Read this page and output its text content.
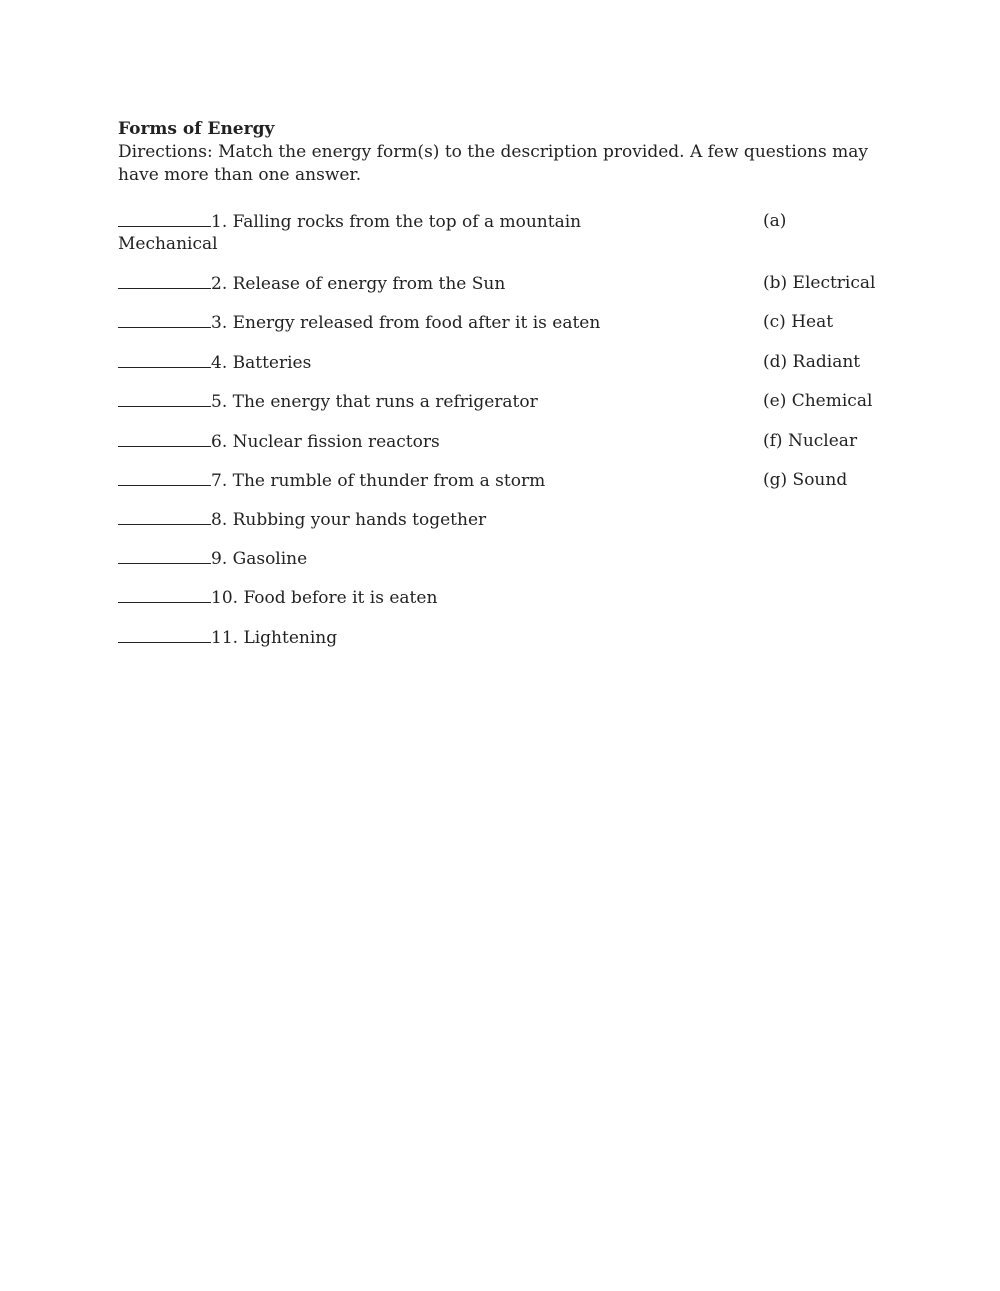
Forms of Energy
Directions: Match the energy form(s) to the description provided. A few questions may have more than one answer.
1. Falling rocks from the top of a mountain	(a)
Mechanical
2. Release of energy from the Sun	(b) Electrical
3. Energy released from food after it is eaten	(c) Heat
4. Batteries	(d) Radiant
5. The energy that runs a refrigerator	(e) Chemical
6. Nuclear fission reactors	(f) Nuclear
7. The rumble of thunder from a storm	(g) Sound
8. Rubbing your hands together
9. Gasoline
10. Food before it is eaten
11. Lightening
